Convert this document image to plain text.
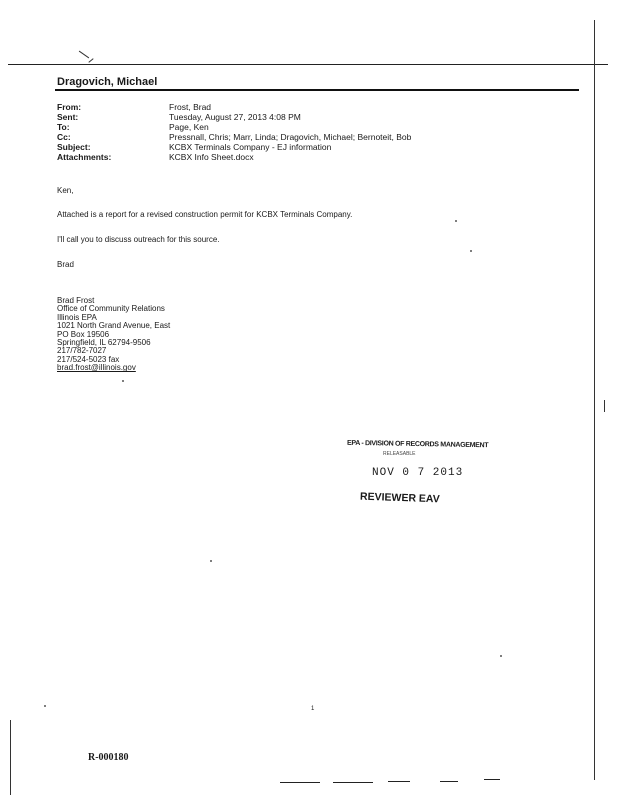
Dragovich, Michael
From:	Frost, Brad
Sent:	Tuesday, August 27, 2013 4:08 PM
To:	Page, Ken
Cc:	Pressnall, Chris; Marr, Linda; Dragovich, Michael; Bernoteit, Bob
Subject:	KCBX Terminals Company - EJ information
Attachments:	KCBX Info Sheet.docx
Ken,
Attached is a report for a revised construction permit for KCBX Terminals Company.
I'll call you to discuss outreach for this source.
Brad
Brad Frost
Office of Community Relations
Illinois EPA
1021 North Grand Avenue, East
PO Box 19506
Springfield, IL 62794-9506
217/782-7027
217/524-5023 fax
brad.frost@illinois.gov
EPA - DIVISION OF RECORDS MANAGEMENT
RELEASABLE
NOV 0 7 2013
REVIEWER EAV
1
R-000180
